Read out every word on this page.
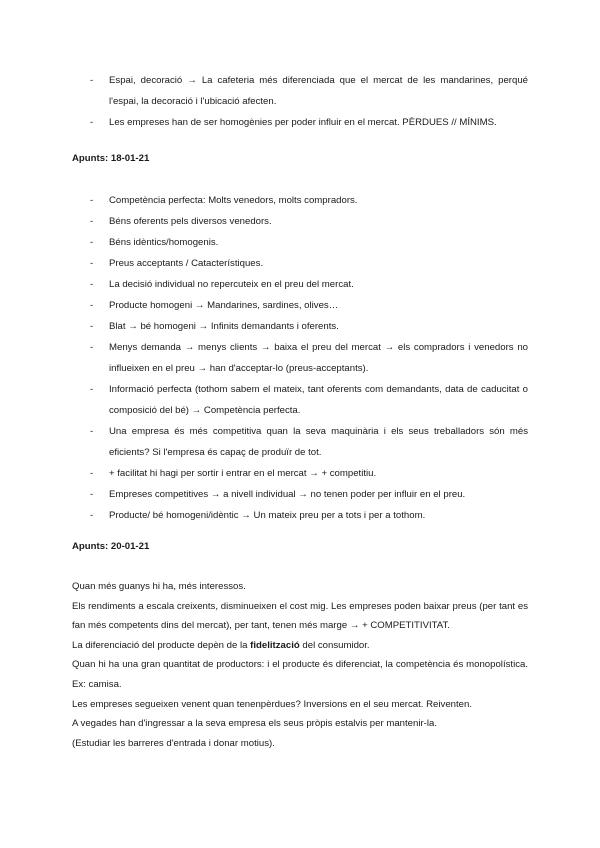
- Espai, decoració → La cafeteria més diferenciada que el mercat de les mandarines, perqué l'espai, la decoració i l'ubicació afecten.
- Les empreses han de ser homogènies per poder influir en el mercat. PÈRDUES // MÍNIMS.
Apunts: 18-01-21
- Competència perfecta: Molts venedors, molts compradors.
- Béns oferents pels diversos venedors.
- Béns idèntics/homogenis.
- Preus acceptants / Catacterístiques.
- La decisió individual no repercuteix en el preu del mercat.
- Producte homogeni → Mandarines, sardines, olives…
- Blat → bé homogeni → Infinits demandants i oferents.
- Menys demanda → menys clients → baixa el preu del mercat → els compradors i venedors no influeixen en el preu → han d'acceptar-lo (preus-acceptants).
- Informació perfecta (tothom sabem el mateix, tant oferents com demandants, data de caducitat o composició del bé) → Competència perfecta.
- Una empresa és més competitiva quan la seva maquinària i els seus treballadors són més eficients? Si l'empresa és capaç de produïr de tot.
- + facilitat hi hagi per sortir i entrar en el mercat → + competitiu.
- Empreses competitives → a nivell individual → no tenen poder per influir en el preu.
- Producte/ bé homogeni/idèntic → Un mateix preu per a tots i per a tothom.
Apunts: 20-01-21

Quan més guanys hi ha, més interessos.

Els rendiments a escala creixents, disminueixen el cost mig. Les empreses poden baixar preus (per tant es fan més competents dins del mercat), per tant, tenen més marge → + COMPETITIVITAT.

La diferenciació del producte depèn de la fidelització del consumidor.

Quan hi ha una gran quantitat de productors: i el producte és diferenciat, la competència és monopolística. Ex: camisa.

Les empreses segueixen venent quan tenenpèrdues? Inversions en el seu mercat. Reiventen.

A vegades han d'ingressar a la seva empresa els seus pròpis estalvis per mantenir-la.

(Estudiar les barreres d'entrada i donar motius).
